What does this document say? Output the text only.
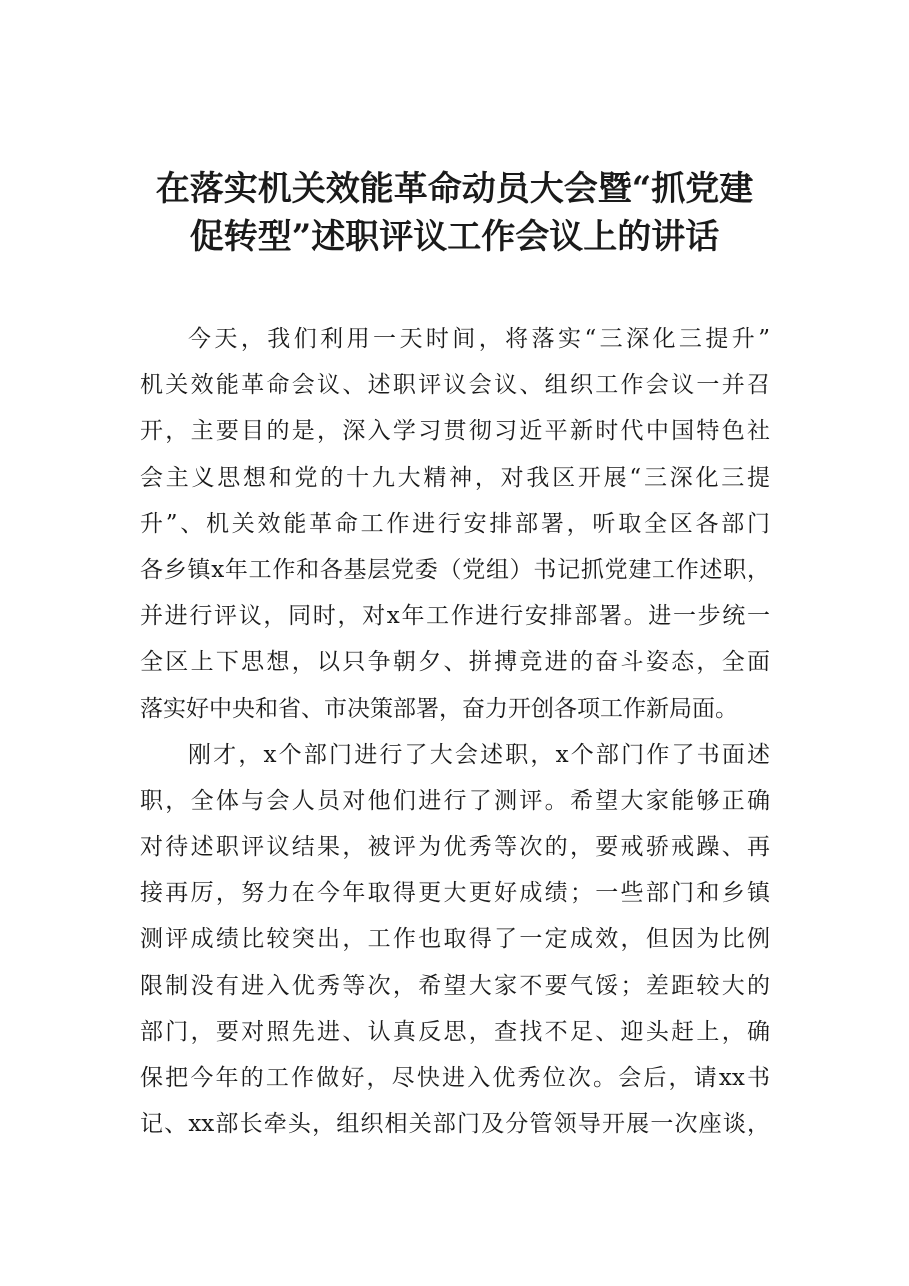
在落实机关效能革命动员大会暨“抓党建
促转型”述职评议工作会议上的讲话
今天，我们利用一天时间，将落实“三深化三提升”
机关效能革命会议、述职评议会议、组织工作会议一并召
开，主要目的是，深入学习贯彻习近平新时代中国特色社
会主义思想和党的十九大精神，对我区开展“三深化三提
升”、机关效能革命工作进行安排部署，听取全区各部门
各乡镇x年工作和各基层党委（党组）书记抓党建工作述职，
并进行评议，同时，对x年工作进行安排部署。进一步统一
全区上下思想，以只争朝夕、拼搏竞进的奋斗姿态，全面
落实好中央和省、市决策部署，奋力开创各项工作新局面。
刚才，x个部门进行了大会述职，x个部门作了书面述
职，全体与会人员对他们进行了测评。希望大家能够正确
对待述职评议结果，被评为优秀等次的，要戒骄戒躁、再
接再厉，努力在今年取得更大更好成绩；一些部门和乡镇
测评成绩比较突出，工作也取得了一定成效，但因为比例
限制没有进入优秀等次，希望大家不要气馁；差距较大的
部门，要对照先进、认真反思，查找不足、迎头赶上，确
保把今年的工作做好，尽快进入优秀位次。会后，请xx书
记、xx部长牵头，组织相关部门及分管领导开展一次座谈，
